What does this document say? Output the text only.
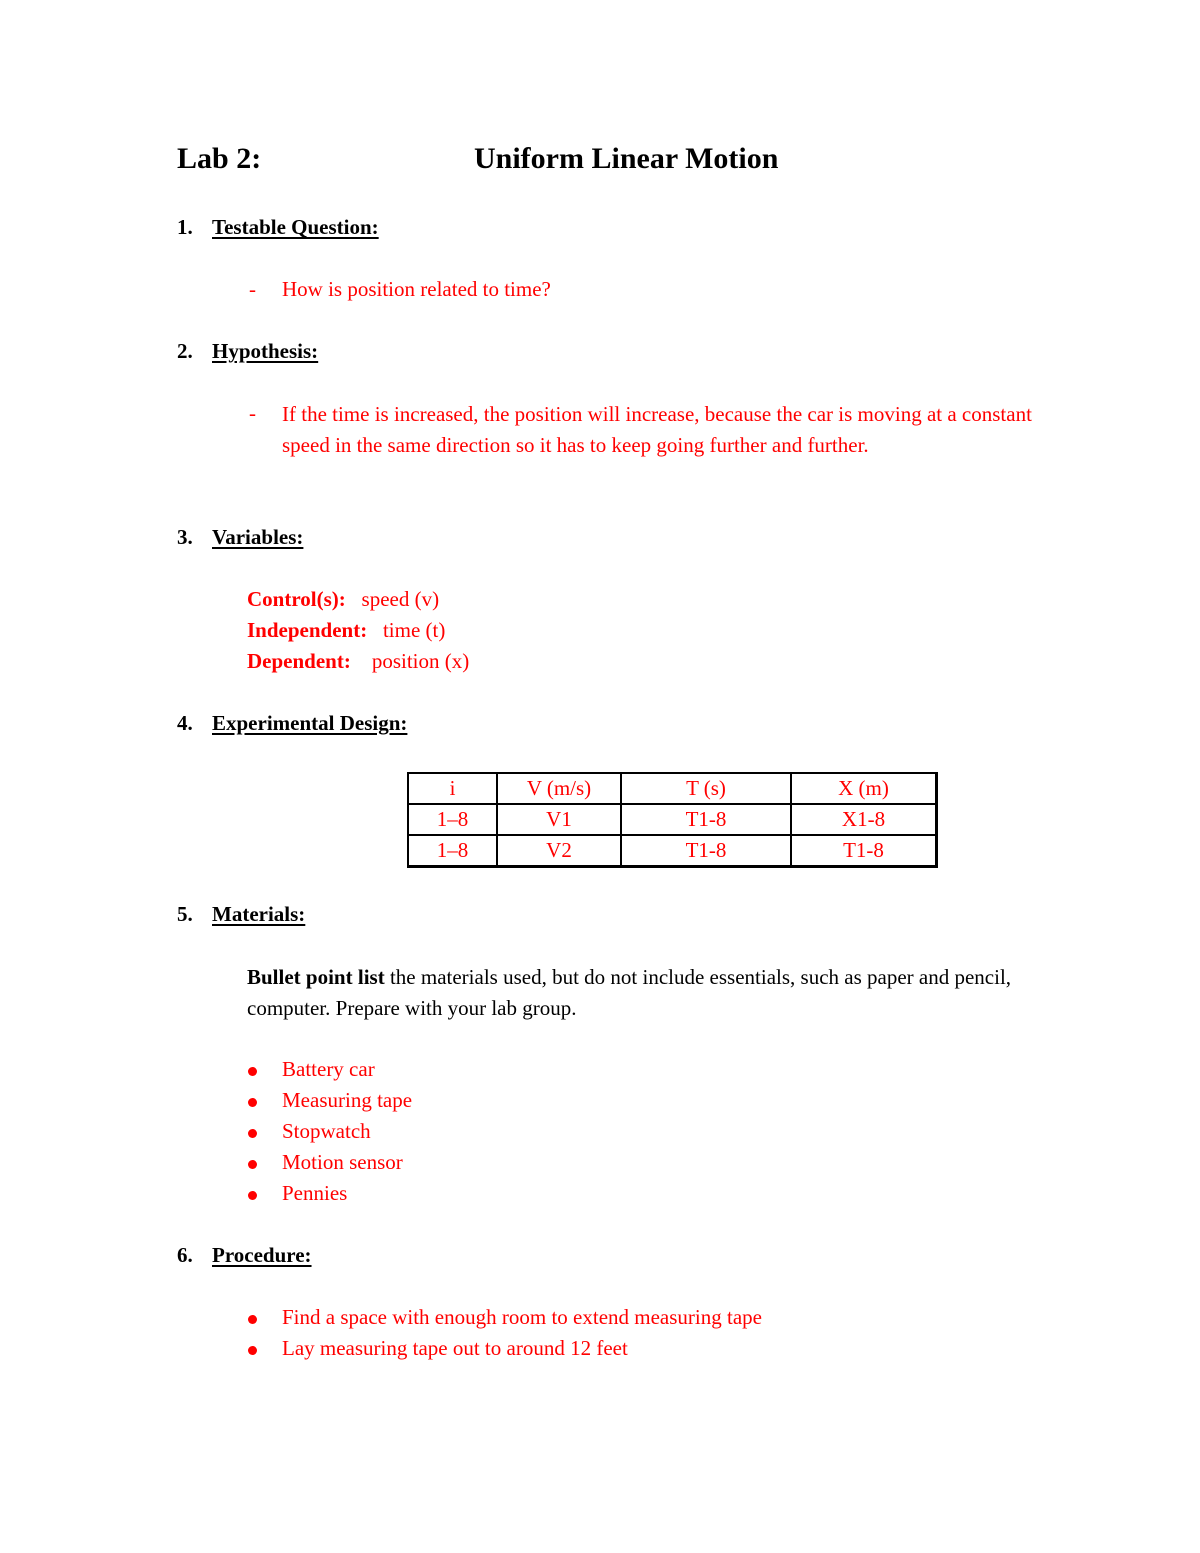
Lab 2:	Uniform Linear Motion
1. Testable Question:
- How is position related to time?
2. Hypothesis:
- If the time is increased, the position will increase, because the car is moving at a constant speed in the same direction so it has to keep going further and further.
3. Variables:
Control(s): speed (v)
Independent: time (t)
Dependent: position (x)
4. Experimental Design:
i	V (m/s)	T (s)	X (m)
1–8	V1	T1-8	X1-8
1–8	V2	T1-8	T1-8
5. Materials:
Bullet point list the materials used, but do not include essentials, such as paper and pencil, computer. Prepare with your lab group.
Battery car
Measuring tape
Stopwatch
Motion sensor
Pennies
6. Procedure:
Find a space with enough room to extend measuring tape
Lay measuring tape out to around 12 feet
